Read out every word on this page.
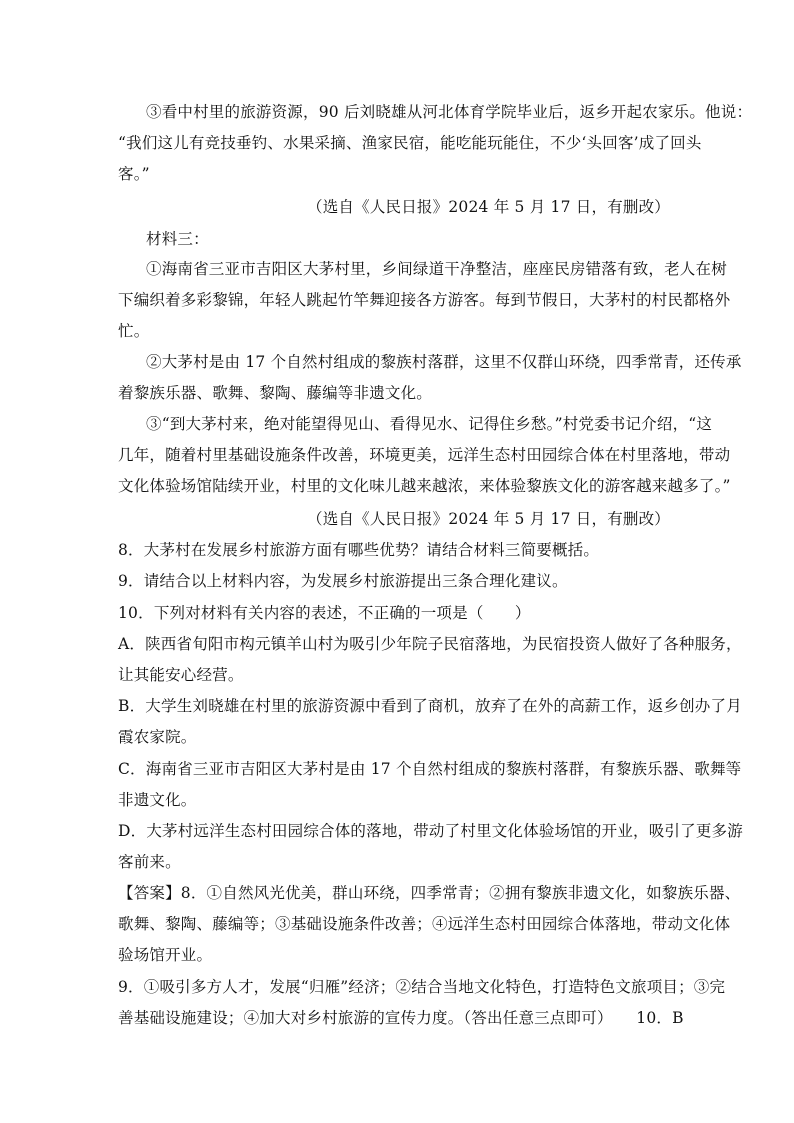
③看中村里的旅游资源，90 后刘晓雄从河北体育学院毕业后，返乡开起农家乐。他说：
“我们这儿有竞技垂钓、水果采摘、渔家民宿，能吃能玩能住，不少‘头回客’成了回头
客。”
（选自《人民日报》2024 年 5 月 17 日，有删改）
材料三：
①海南省三亚市吉阳区大茅村里，乡间绿道干净整洁，座座民房错落有致，老人在树
下编织着多彩黎锦，年轻人跳起竹竿舞迎接各方游客。每到节假日，大茅村的村民都格外
忙。
②大茅村是由 17 个自然村组成的黎族村落群，这里不仅群山环绕，四季常青，还传承
着黎族乐器、歌舞、黎陶、藤编等非遗文化。
③“到大茅村来，绝对能望得见山、看得见水、记得住乡愁。”村党委书记介绍，“这
几年，随着村里基础设施条件改善，环境更美，远洋生态村田园综合体在村里落地，带动
文化体验场馆陆续开业，村里的文化味儿越来越浓，来体验黎族文化的游客越来越多了。”
（选自《人民日报》2024 年 5 月 17 日，有删改）
8．大茅村在发展乡村旅游方面有哪些优势？请结合材料三简要概括。
9．请结合以上材料内容，为发展乡村旅游提出三条合理化建议。
10．下列对材料有关内容的表述，不正确的一项是（　　）
A．陕西省旬阳市构元镇羊山村为吸引少年院子民宿落地，为民宿投资人做好了各种服务，
让其能安心经营。
B．大学生刘晓雄在村里的旅游资源中看到了商机，放弃了在外的高薪工作，返乡创办了月
霞农家院。
C．海南省三亚市吉阳区大茅村是由 17 个自然村组成的黎族村落群，有黎族乐器、歌舞等
非遗文化。
D．大茅村远洋生态村田园综合体的落地，带动了村里文化体验场馆的开业，吸引了更多游
客前来。
【答案】8．①自然风光优美，群山环绕，四季常青；②拥有黎族非遗文化，如黎族乐器、
歌舞、黎陶、藤编等；③基础设施条件改善；④远洋生态村田园综合体落地，带动文化体
验场馆开业。
9．①吸引多方人才，发展“归雁”经济；②结合当地文化特色，打造特色文旅项目；③完
善基础设施建设；④加大对乡村旅游的宣传力度。（答出任意三点即可）　　10．B
